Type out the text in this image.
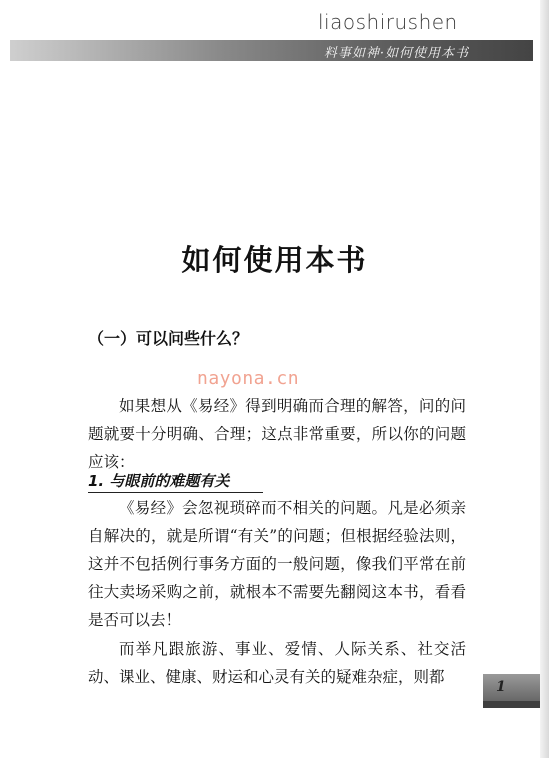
liaoshirushen
料事如神·如何使用本书
如何使用本书
（一）可以问些什么？
nayona.cn
如果想从《易经》得到明确而合理的解答，问的问题就要十分明确、合理；这点非常重要，所以你的问题应该：
1. 与眼前的难题有关
《易经》会忽视琐碎而不相关的问题。凡是必须亲自解决的，就是所谓“有关”的问题；但根据经验法则，这并不包括例行事务方面的一般问题，像我们平常在前往大卖场采购之前，就根本不需要先翻阅这本书，看看是否可以去！
而举凡跟旅游、事业、爱情、人际关系、社交活动、课业、健康、财运和心灵有关的疑难杂症，则都
1
